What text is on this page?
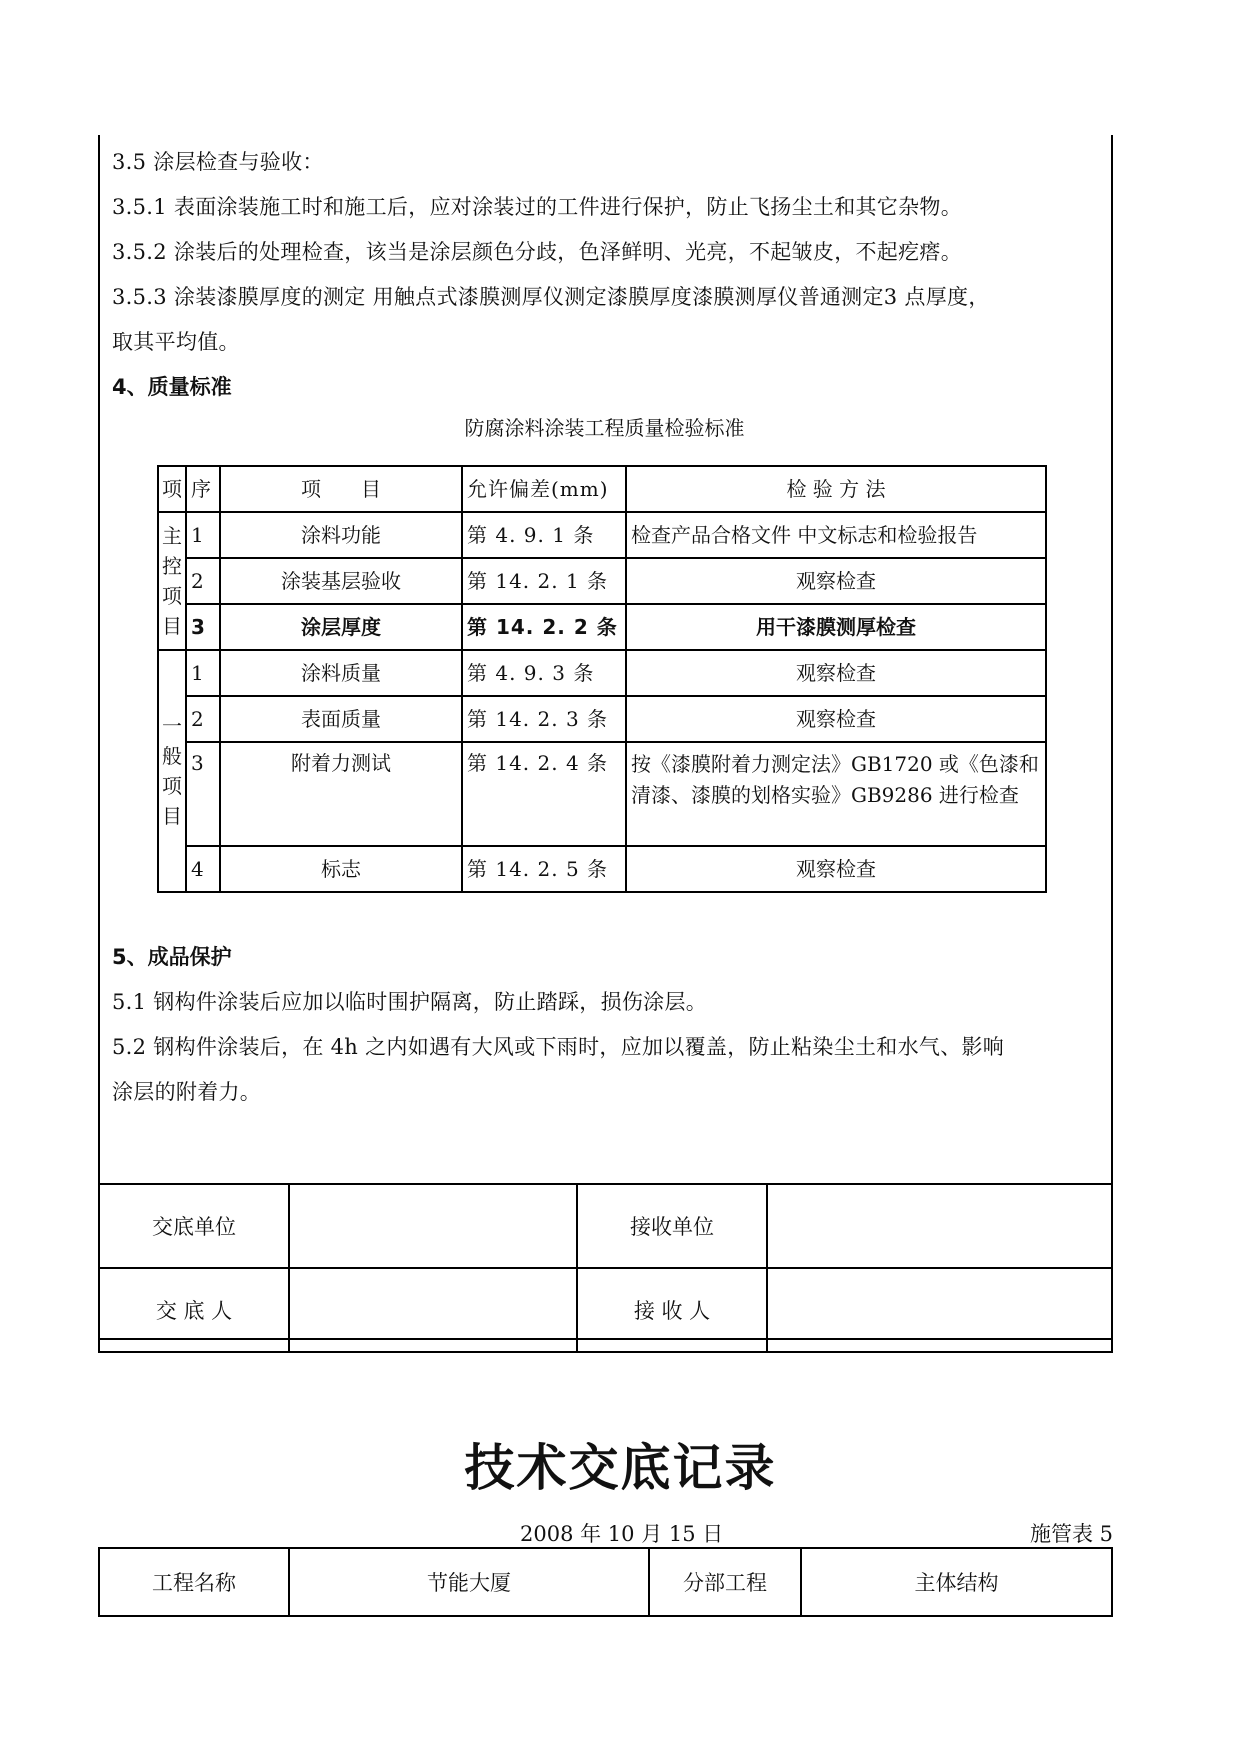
3.5 涂层检查与验收：

3.5.1 表面涂装施工时和施工后，应对涂装过的工件进行保护，防止飞扬尘土和其它杂物。

3.5.2 涂装后的处理检查，该当是涂层颜色分歧，色泽鲜明、光亮，不起皱皮，不起疙瘩。

3.5.3 涂装漆膜厚度的测定 用触点式漆膜测厚仪测定漆膜厚度漆膜测厚仪普通测定3 点厚度，

取其平均值。

4、质量标准

防腐涂料涂装工程质量检验标准

项	序	项　　目	允许偏差(mm)	检 验 方 法
主控项目	1	涂料功能	第 4. 9. 1 条	检查产品合格文件 中文标志和检验报告
	2	涂装基层验收	第 14. 2. 1 条	观察检查
	3	涂层厚度	第 14. 2. 2 条	用干漆膜测厚检查
一般项目	1	涂料质量	第 4. 9. 3 条	观察检查
	2	表面质量	第 14. 2. 3 条	观察检查
	3	附着力测试	第 14. 2. 4 条	按《漆膜附着力测定法》GB1720 或《色漆和清漆、漆膜的划格实验》GB9286 进行检查
	4	标志	第 14. 2. 5 条	观察检查

5、成品保护

5.1 钢构件涂装后应加以临时围护隔离，防止踏踩，损伤涂层。

5.2 钢构件涂装后，在 4h 之内如遇有大风或下雨时，应加以覆盖，防止粘染尘土和水气、影响

涂层的附着力。

交底单位		接收单位	
交 底 人		接 收 人	
技术交底记录
2008 年 10 月 15 日	施管表 5
工程名称	节能大厦	分部工程	主体结构
